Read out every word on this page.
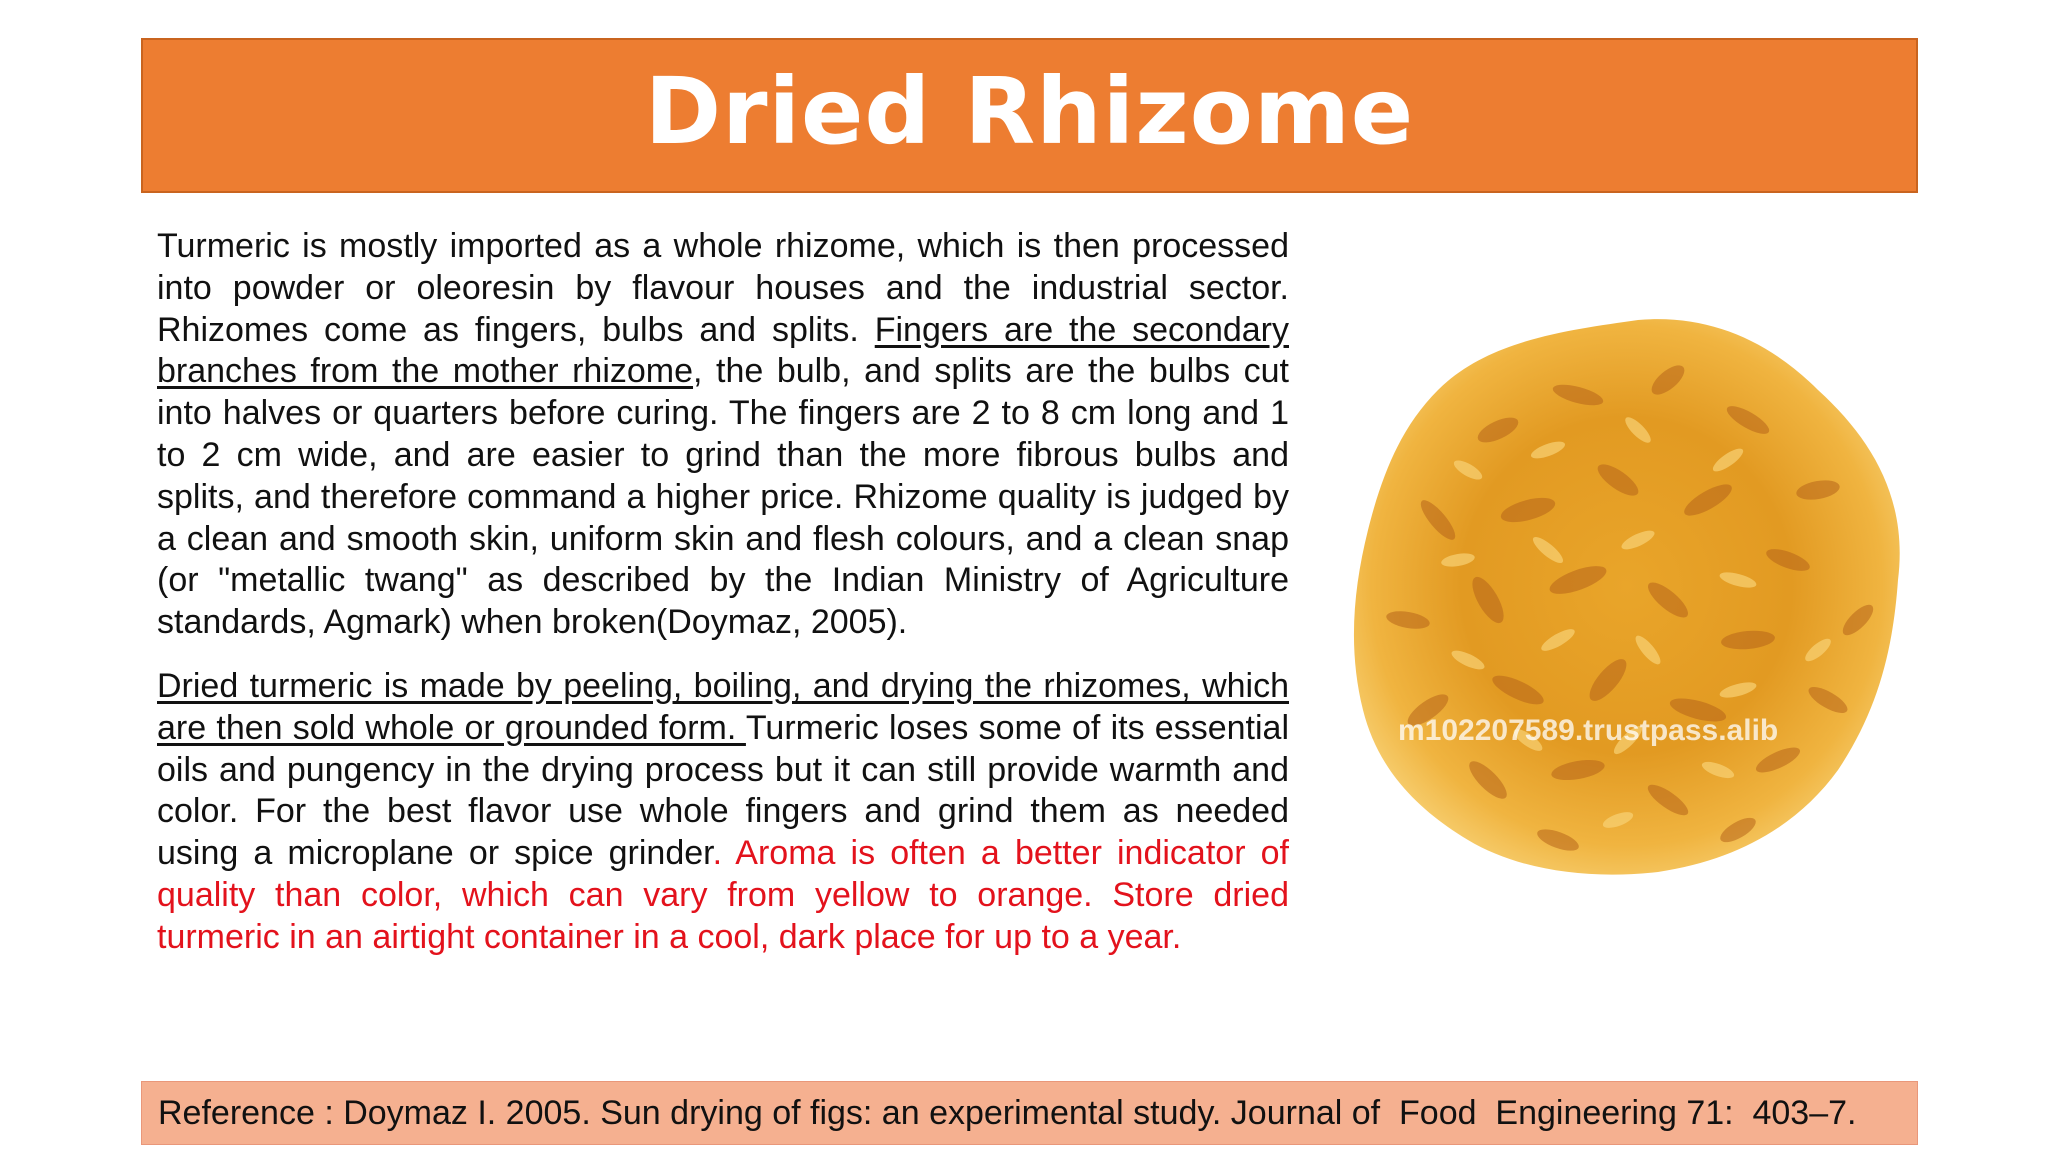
Dried Rhizome

Turmeric is mostly imported as a whole rhizome, which is then processed into powder or oleoresin by flavour houses and the industrial sector. Rhizomes come as fingers, bulbs and splits. Fingers are the secondary branches from the mother rhizome, the bulb, and splits are the bulbs cut into halves or quarters before curing. The fingers are 2 to 8 cm long and 1 to 2 cm wide, and are easier to grind than the more fibrous bulbs and splits, and therefore command a higher price. Rhizome quality is judged by a clean and smooth skin, uniform skin and flesh colours, and a clean snap (or "metallic twang" as described by the Indian Ministry of Agriculture standards, Agmark) when broken(Doymaz, 2005).

Dried turmeric is made by peeling, boiling, and drying the rhizomes, which are then sold whole or grounded form. Turmeric loses some of its essential oils and pungency in the drying process but it can still provide warmth and color. For the best flavor use whole fingers and grind them as needed using a microplane or spice grinder. Aroma is often a better indicator of quality than color, which can vary from yellow to orange. Store dried turmeric in an airtight container in a cool, dark place for up to a year.

m102207589.trustpass.alib
Reference : Doymaz I. 2005. Sun drying of figs: an experimental study. Journal of  Food  Engineering 71:  403–7.
